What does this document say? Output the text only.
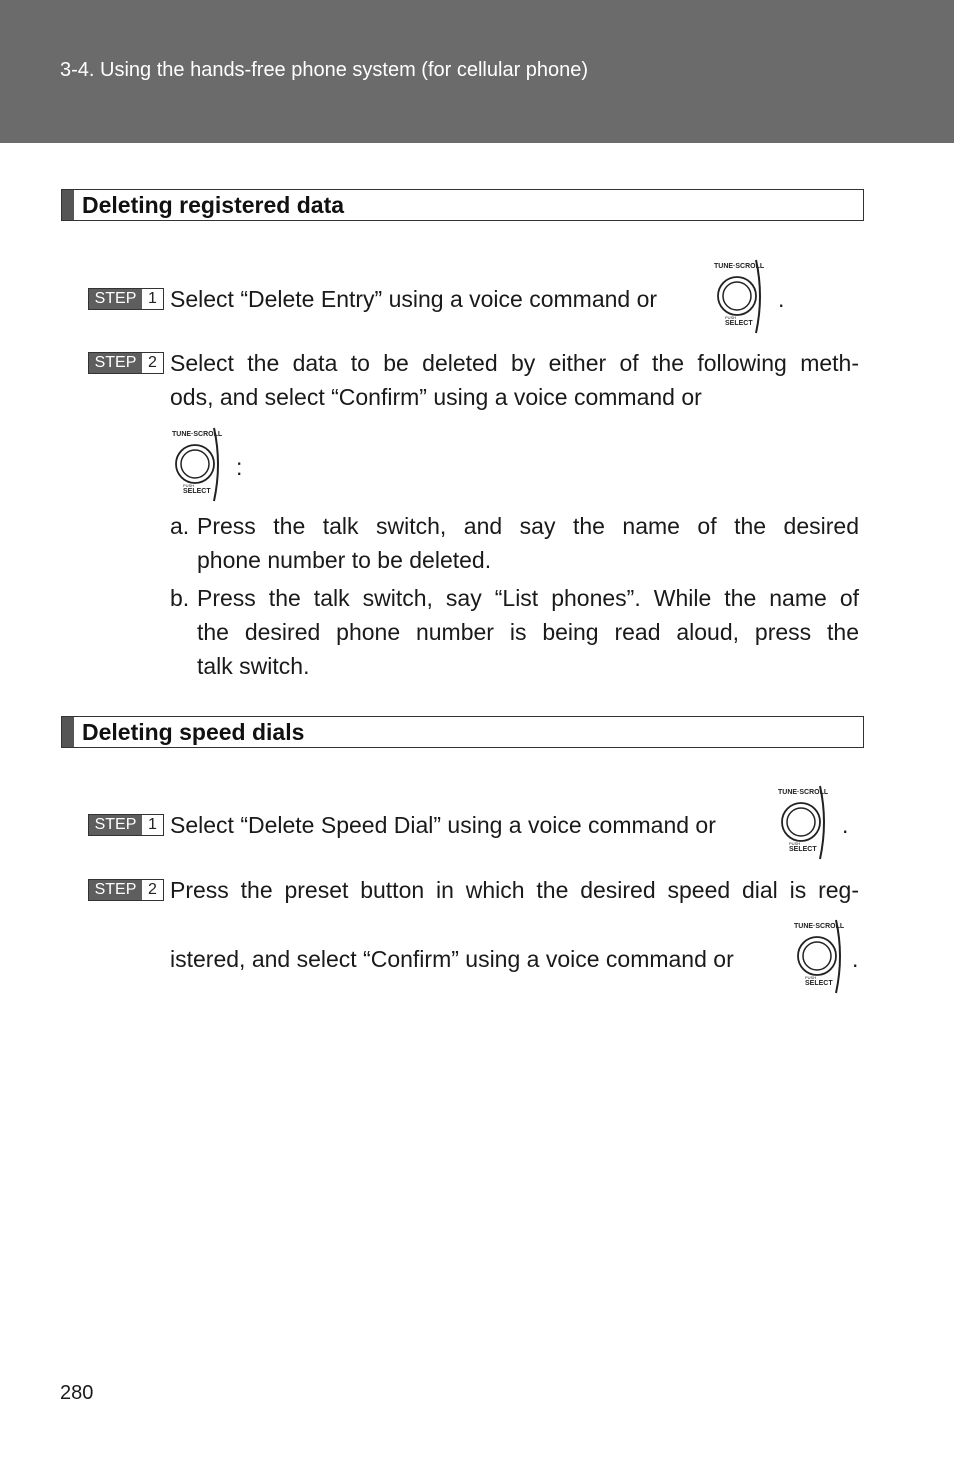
3-4. Using the hands-free phone system (for cellular phone)
Deleting registered data
STEP 1 Select “Delete Entry” using a voice command or
TUNE·SCROLL
PUSH
SELECT
.
STEP 2 Select the data to be deleted by either of the following meth-
ods, and select “Confirm” using a voice command or
TUNE·SCROLL
PUSH
SELECT
:
a. Press the talk switch, and say the name of the desired
phone number to be deleted.
b. Press the talk switch, say “List phones”. While the name of
the desired phone number is being read aloud, press the
talk switch.
Deleting speed dials
STEP 1 Select “Delete Speed Dial” using a voice command or
TUNE·SCROLL
PUSH
SELECT
.
STEP 2 Press the preset button in which the desired speed dial is reg-
istered, and select “Confirm” using a voice command or
TUNE·SCROLL
PUSH
SELECT
.
280
